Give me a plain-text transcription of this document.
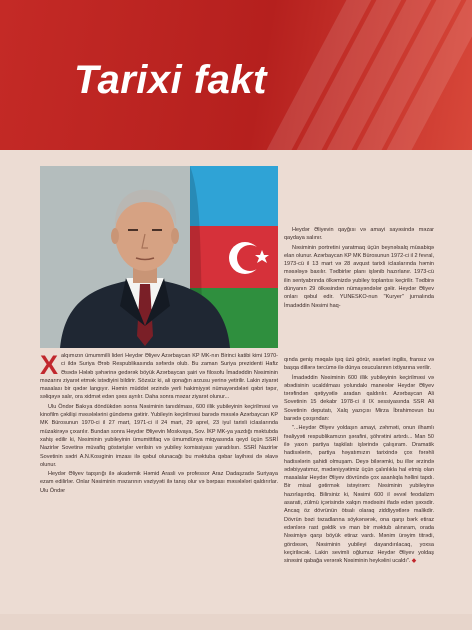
Tarixi fakt

Heydər Əliyevin qayğısı və amayi sayəsində məzar qaydaya salınır.

Nəsiminin portretini yaratmaq üçün beynəlxalq müsabiqə elan olunur. Azərbaycan KP MK Bürosunun 1972-ci il 2 fevral, 1973-cü il 13 mart və 28 avqust tarixli iclaslarında həmin məsələyə baxılır. Tədbirlər planı işlənib hazırlanır. 1973-cü ilin sentyabrında ölkəmizdə yubiley toplantısı keçirilir. Tədbirə dünyanın 29 ölkəsindən nümayəndələr gəlir. Heydər Əliyev onları qəbul edir. YUNESKO-nun "Kuryer" jurnalında İmadəddin Nəsimi haq-

Xalqımızın ümummilli lideri Heydər Əliyev Azərbaycan KP MK-nın Birinci katibi kimi 1970-ci ildə Suriya Ərəb Respublikasında səfərdə olub. Bu zaman Suriya prezidenti Hafiz Əsədə Hələb şəhərinə gedərək böyük Azərbaycan şairi və filosofu İmadəddin Nəsiminin məzarını ziyarət etmək istədiyini bildirir. Sözsüz ki, ali qonağın arzusu yerinə yetirilir. Lakin ziyarət masalası bir qədər langıyır. Həmin müddət ərzində yerli hakimiyyət nümayəndələri qəbri təpır, səliqəyə salır, ora xidmət edən şəxs ayrılır. Daha sonra məzar ziyarət olunur...

Ulu Öndər Bakıya döndükdən sonra Nəsiminin tanıdılması, 600 illik yubileyinin keçirilməsi və kinofilm çəkilişi məsələlərini gündəmə gətirir. Yubileyin keçirilməsi barədə məsələ Azərbaycan KP MK Bürosunun 1970-ci il 27 mart, 1971-ci il 24 mart, 29 aprel, 23 iyul tarixli iclaslarında müzakirəyə çıxarılır. Bundan sonra Heydər Əliyevin Moskvaya, Sov. İKP MK-ya yazdığı məktubda xahiş edilir ki, Nəsiminin yubileyinin ümumittifaq və ümumdünya miqyasında qeyd üçün SSRİ Nazirlər Sovetinə müvafiq göstərişlər verilsin və yubiley komissiyası yaradılsın. SSRİ Nazirlər Sovetinin sədri A.N.Kosıginin imzası ilə qəbul olunacağı bu məktuba qəbar layihəsi də əlavə olunur.

Heydər Əliyev tapşırığı ilə akademik Həmid Arasli və professor Araz Dadaşzadə Suriyaya ezam edilirlər. Onlar Nəsiminin məzarının vəziyyəti ilə tanış olur və bərpası məsələləri qaldırırlar. Ulu Öndər

qında geniş məqalə işıq üzü görür, əsərləri ingilis, fransız və başqa dillərə tərcümə ilə dünya oxucularının ixtiyarına verilir.

İmadəddin Nəsiminin 600 illik yubileyinin keçirilməsi və əbədisinin ucaldılması yolundakı maneələr Heydər Əliyev tərəfindən qətiyyətlə aradan qaldırılır. Azərbaycan Ali Sovetinin 15 dekabr 1978-ci il IX sessiyasında SSR Ali Sovetinin deputatı, Xalq yazıçısı Mirza İbrahimovun bu barədə çıxışından:

"...Heydər Əliyev yoldaşın amayi, zəhməti, onun ilhamlı fəaliyyəti respublikamızın şərafini, şöhrətini artırdı... Man 50 ilə yaxın partiya taşkilatı işlərində çalışıram. Dramatik hadisələrin, partiya həyatımızın tarixində çox fərəhli hadisələrin şahidi olmuşam. Deyə bilərəmki, bu illər ərzində ədəbiyyatımız, mədəniyyətimiz üçün çalınlıkla hal etmiş olan masalalar Heydər Əliyev dövründə çox asanlıqla həllini tapdı. Bir misal gətirmək istəyirəm: Nəsiminin yubileyinə hazırlaşırdıq. Bilirsiniz ki, Nəsimi 600 il əvvəl feodalizm asarati, zülmü içərisində xalqın mədəsini ifadə edən şəxsdir. Ancaq öz dövrünün ötsalı olaraq ziddiyyətlərə malikdir. Dövrün bəzi təzadlarına söykənərək, ona qarşı bərk etiraz edənlərə rast gəldik və man bir məktub alınıram, orada Nəsimiyə qarşı böyük etiraz vardı. Mənim ürəyim titrədi, gördəsən, Nəsiminin yubileyi dayandırılacaq, yoxsa keçiriləcək. Lakin sevimli oğlumuz Heydər Əliyev yoldaş sinəsini qabağa verərək Nəsiminin heykəlini ucaldı". ◆
